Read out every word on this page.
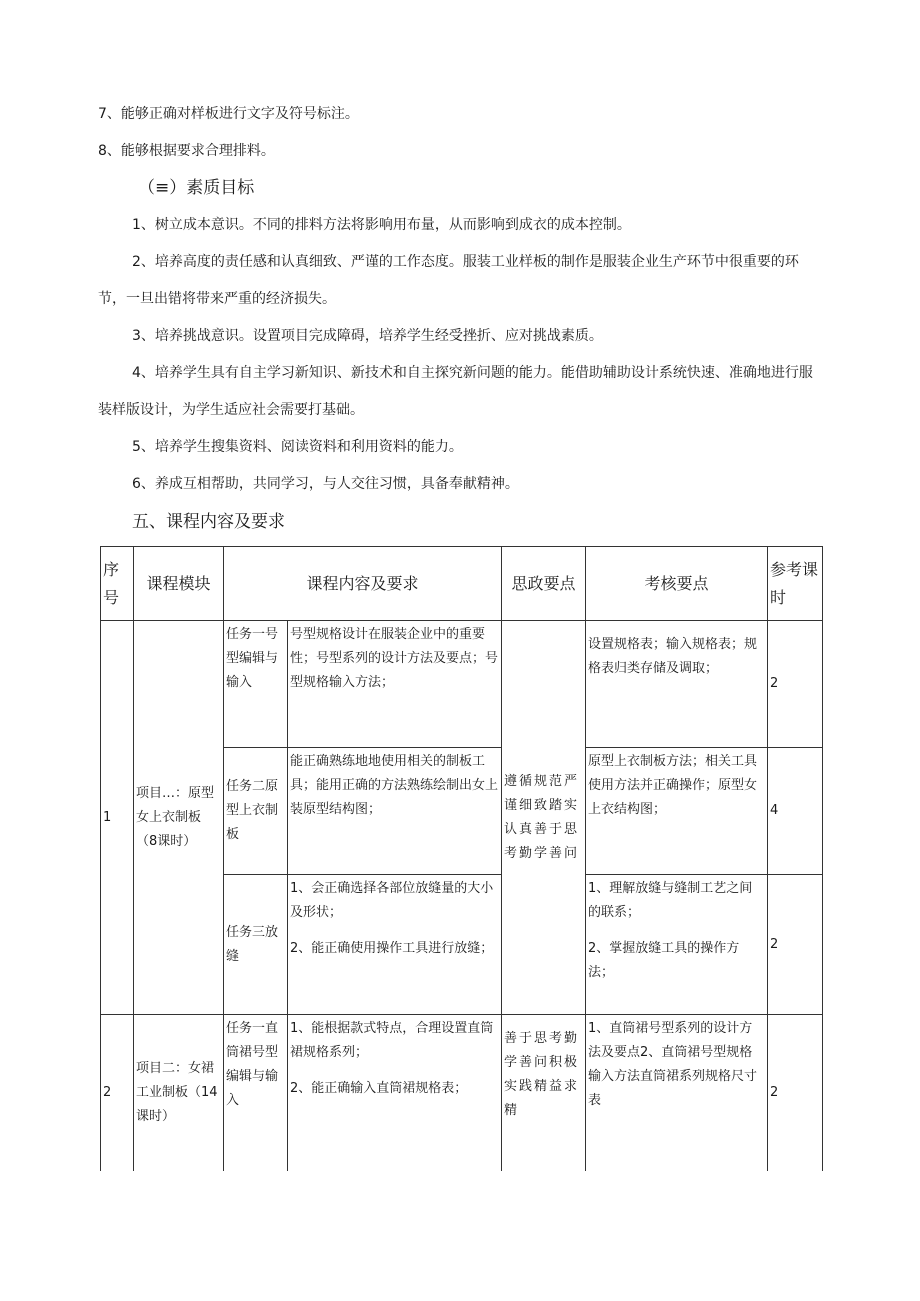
7、能够正确对样板进行文字及符号标注。

8、能够根据要求合理排料。

（≡）素质目标

1、树立成本意识。不同的排料方法将影响用布量，从而影响到成衣的成本控制。

2、培养高度的责任感和认真细致、严谨的工作态度。服装工业样板的制作是服装企业生产环节中很重要的环节，一旦出错将带来严重的经济损失。

3、培养挑战意识。设置项目完成障碍，培养学生经受挫折、应对挑战素质。

4、培养学生具有自主学习新知识、新技术和自主探究新问题的能力。能借助辅助设计系统快速、准确地进行服装样版设计，为学生适应社会需要打基础。

5、培养学生搜集资料、阅读资料和利用资料的能力。

6、养成互相帮助，共同学习，与人交往习惯，具备奉献精神。

五、课程内容及要求

序号	课程模块	课程内容及要求		思政要点	考核要点	参考课时
1	项目…：原型女上衣制板（8课时）	任务一号型编辑与输入	号型规格设计在服装企业中的重要性；号型系列的设计方法及要点；号型规格输入方法；	遵循规范严谨细致踏实认真善于思考勤学善问	设置规格表；输入规格表；规格表归类存储及调取；	2
		任务二原型上衣制板	能正确熟练地地使用相关的制板工具；能用正确的方法熟练绘制出女上装原型结构图；		原型上衣制板方法；相关工具使用方法并正确操作；原型女上衣结构图；	4
		任务三放缝	1、会正确选择各部位放缝量的大小及形状；
2、能正确使用操作工具进行放缝；		1、理解放缝与缝制工艺之间的联系；
2、掌握放缝工具的操作方法；	2
2	项目二：女裙工业制板（14课时）	任务一直筒裙号型编辑与输入	1、能根据款式特点，合理设置直筒裙规格系列；
2、能正确输入直筒裙规格表；	善于思考勤学善问积极实践精益求精	1、直筒裙号型系列的设计方法及要点2、直筒裙号型规格输入方法直筒裙系列规格尺寸表	2
